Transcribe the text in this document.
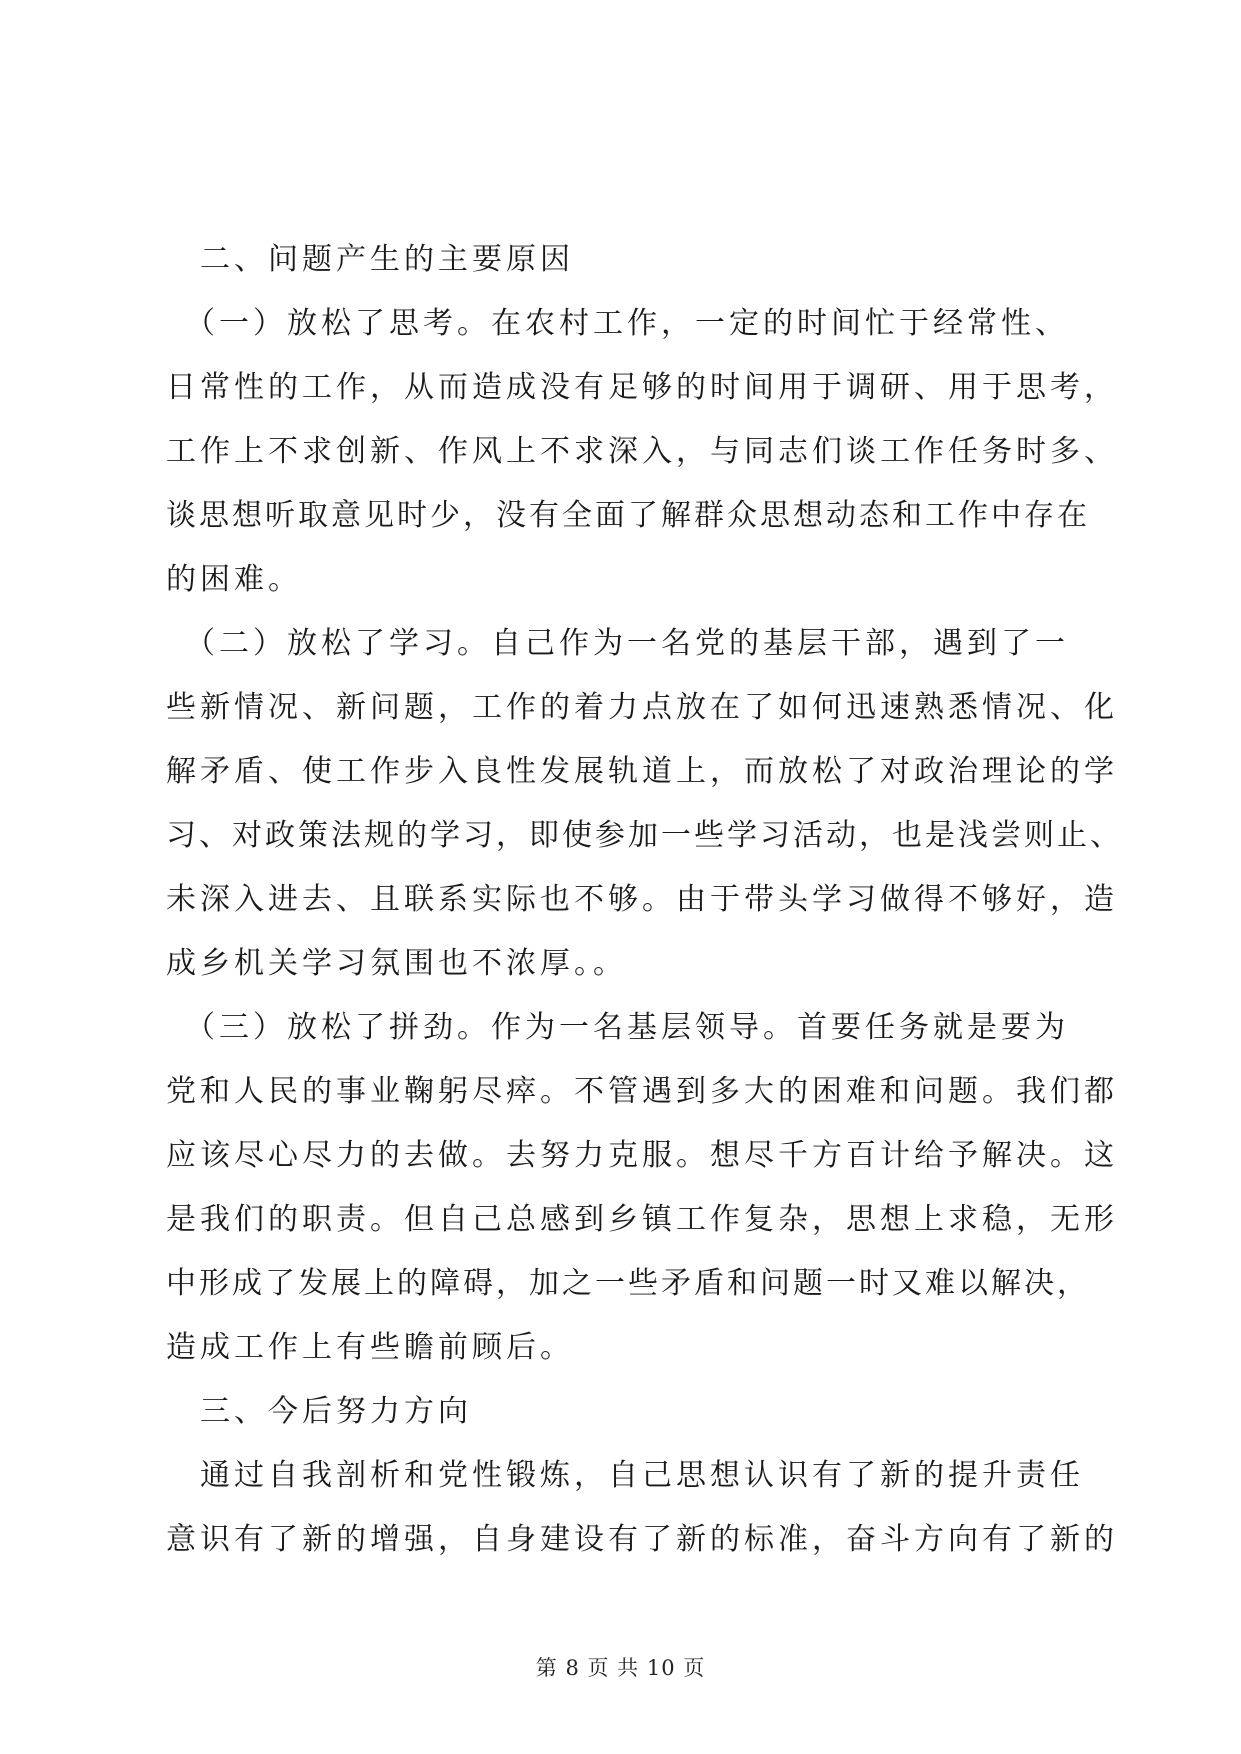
　二、问题产生的主要原因
　（一）放松了思考。在农村工作，一定的时间忙于经常性、
日常性的工作，从而造成没有足够的时间用于调研、用于思考，
工作上不求创新、作风上不求深入，与同志们谈工作任务时多、
谈思想听取意见时少，没有全面了解群众思想动态和工作中存在
的困难。
　（二）放松了学习。自己作为一名党的基层干部，遇到了一
些新情况、新问题，工作的着力点放在了如何迅速熟悉情况、化
解矛盾、使工作步入良性发展轨道上，而放松了对政治理论的学
习、对政策法规的学习，即使参加一些学习活动，也是浅尝则止、
未深入进去、且联系实际也不够。由于带头学习做得不够好，造
成乡机关学习氛围也不浓厚。。
　（三）放松了拼劲。作为一名基层领导。首要任务就是要为
党和人民的事业鞠躬尽瘁。不管遇到多大的困难和问题。我们都
应该尽心尽力的去做。去努力克服。想尽千方百计给予解决。这
是我们的职责。但自己总感到乡镇工作复杂，思想上求稳，无形
中形成了发展上的障碍，加之一些矛盾和问题一时又难以解决，
造成工作上有些瞻前顾后。
　三、今后努力方向
　通过自我剖析和党性锻炼，自己思想认识有了新的提升责任
意识有了新的增强，自身建设有了新的标准，奋斗方向有了新的
第 8 页 共 10 页
